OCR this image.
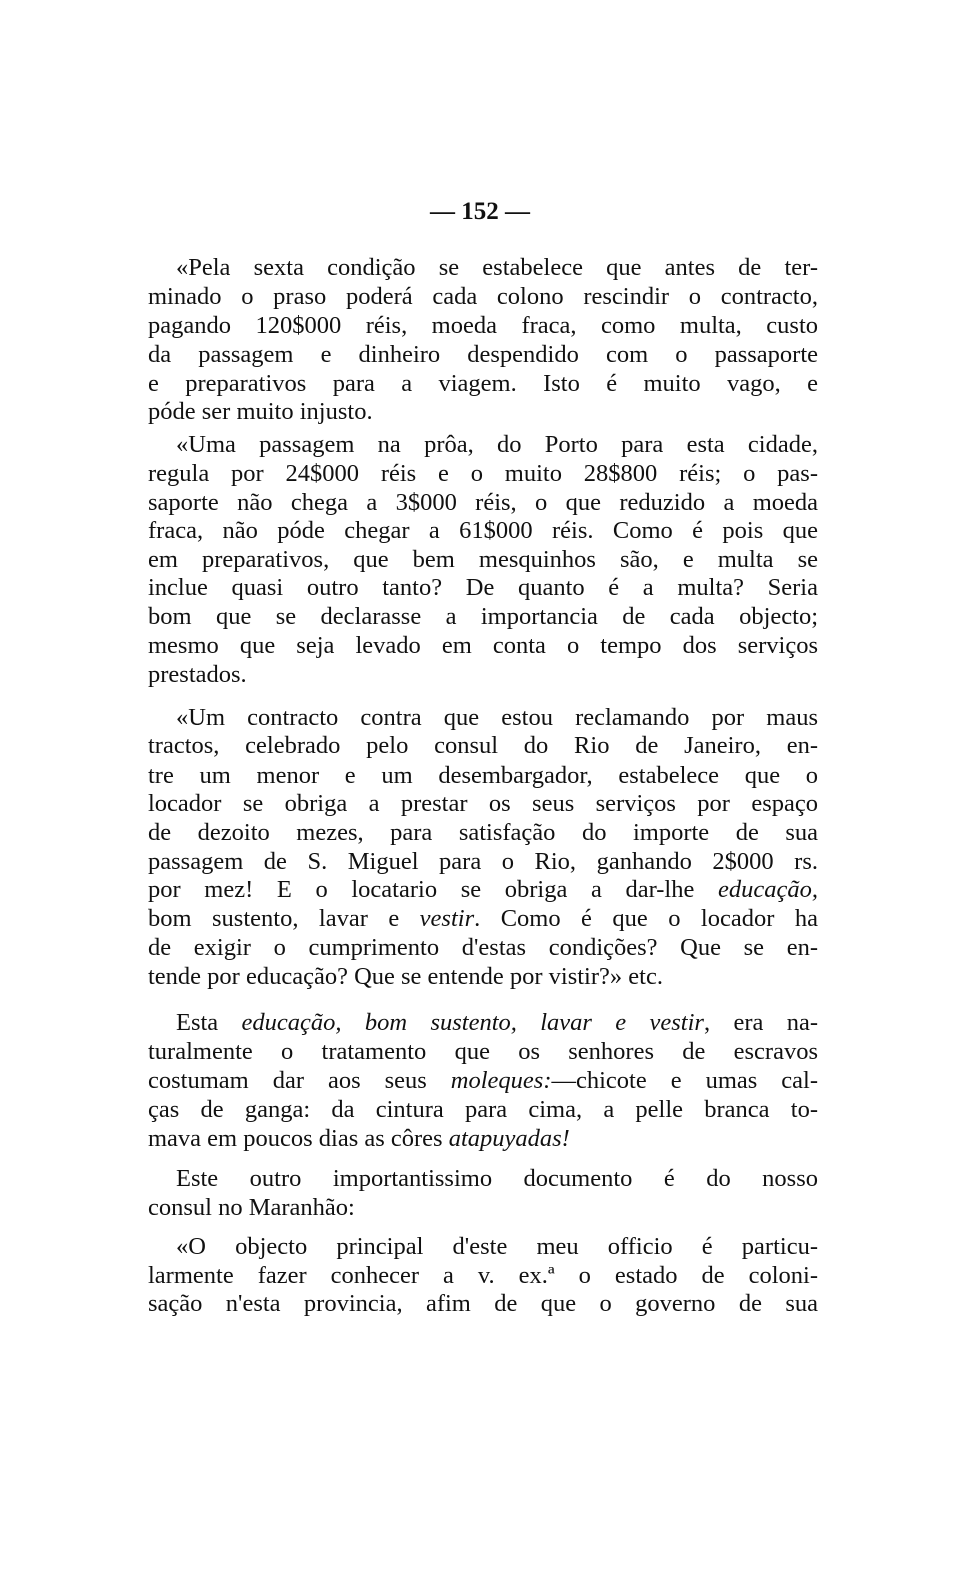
— 152 —
«Pela sexta condição se estabelece que antes de ter-
minado o praso poderá cada colono rescindir o contracto,
pagando 120$000 réis, moeda fraca, como multa, custo
da passagem e dinheiro despendido com o passaporte
e preparativos para a viagem. Isto é muito vago, e
póde ser muito injusto.
«Uma passagem na prôa, do Porto para esta cidade,
regula por 24$000 réis e o muito 28$800 réis; o pas-
saporte não chega a 3$000 réis, o que reduzido a moeda
fraca, não póde chegar a 61$000 réis. Como é pois que
em preparativos, que bem mesquinhos são, e multa se
inclue quasi outro tanto? De quanto é a multa? Seria
bom que se declarasse a importancia de cada objecto;
mesmo que seja levado em conta o tempo dos serviços
prestados.
«Um contracto contra que estou reclamando por maus
tractos, celebrado pelo consul do Rio de Janeiro, en-
tre um menor e um desembargador, estabelece que o
locador se obriga a prestar os seus serviços por espaço
de dezoito mezes, para satisfação do importe de sua
passagem de S. Miguel para o Rio, ganhando 2$000 rs.
por mez! E o locatario se obriga a dar-lhe educação,
bom sustento, lavar e vestir. Como é que o locador ha
de exigir o cumprimento d'estas condições? Que se en-
tende por educação? Que se entende por vistir?» etc.
Esta educação, bom sustento, lavar e vestir, era na-
turalmente o tratamento que os senhores de escravos
costumam dar aos seus moleques:—chicote e umas cal-
ças de ganga: da cintura para cima, a pelle branca to-
mava em poucos dias as côres atapuyadas!
Este outro importantissimo documento é do nosso
consul no Maranhão:
«O objecto principal d'este meu officio é particu-
larmente fazer conhecer a v. ex.ª o estado de coloni-
sação n'esta provincia, afim de que o governo de sua
